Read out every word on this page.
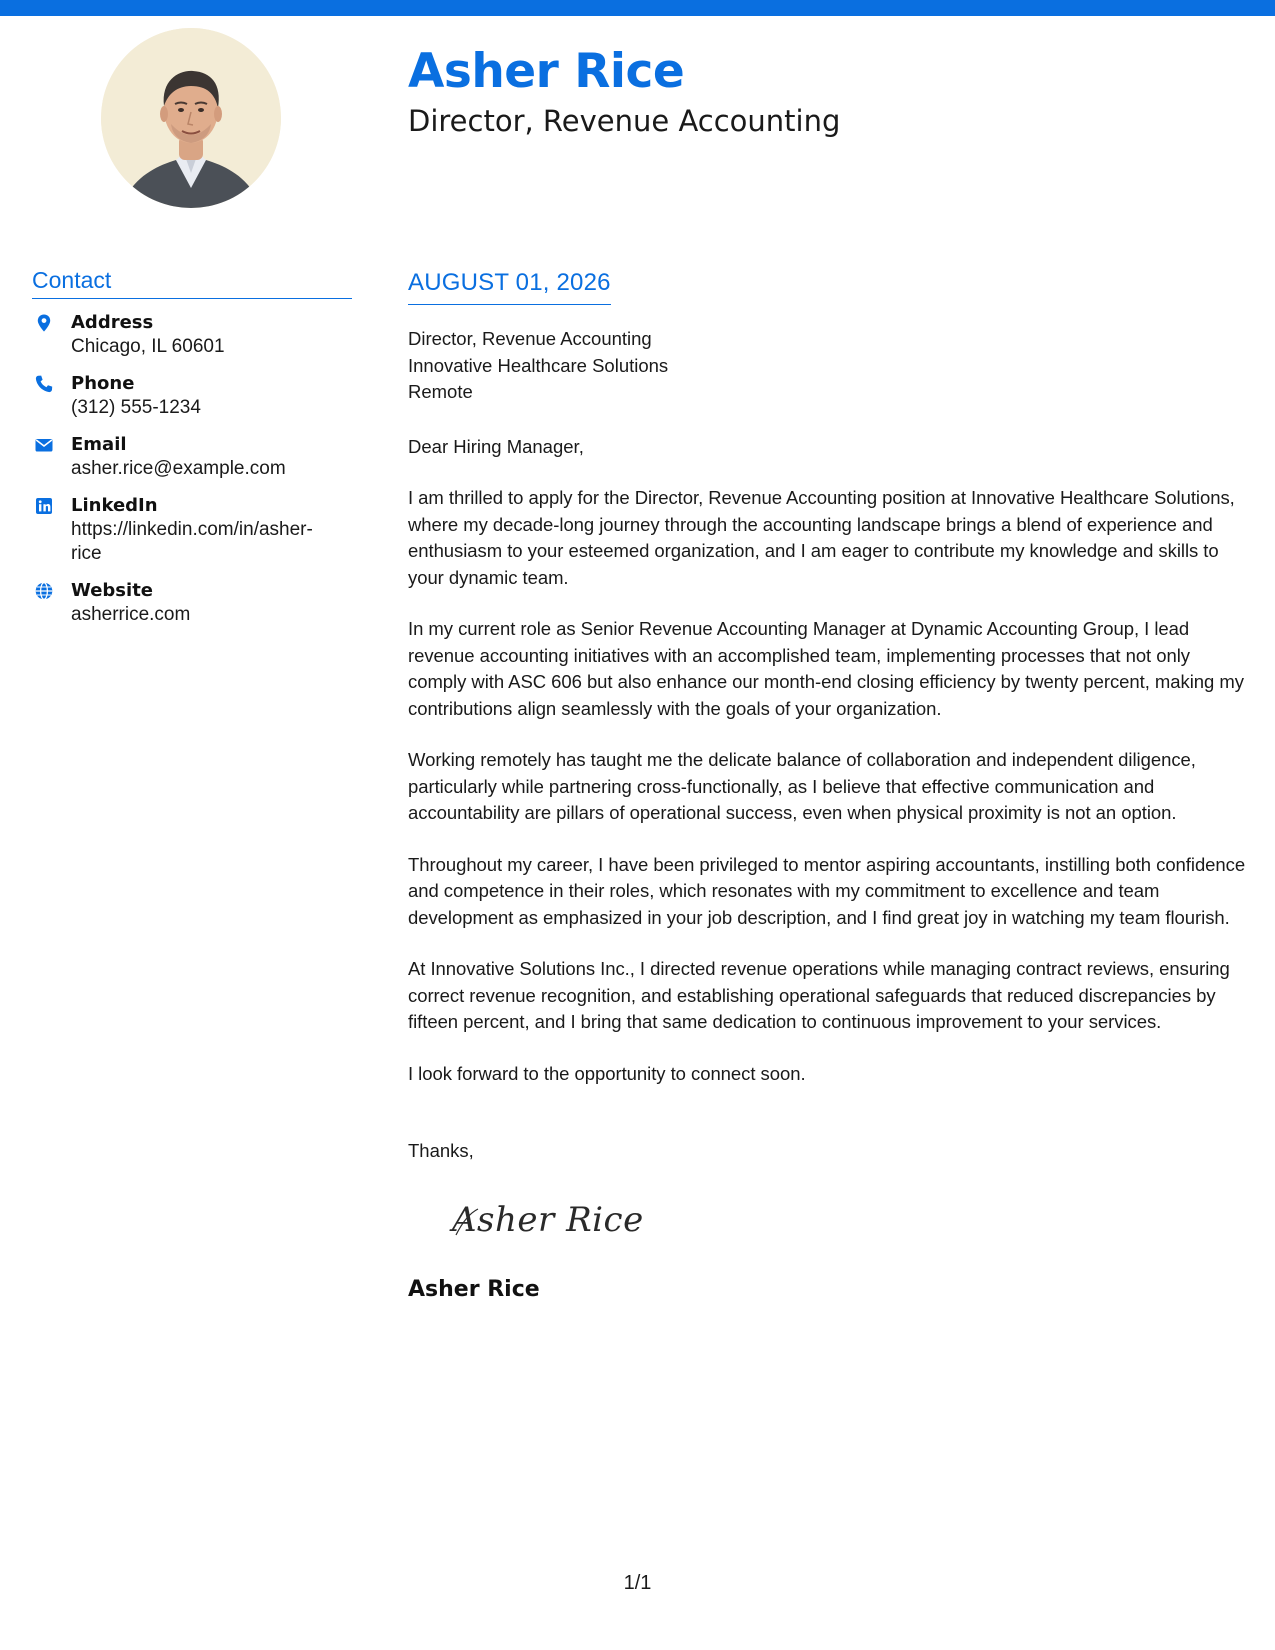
Asher Rice
Director, Revenue Accounting
Contact
Address
Chicago, IL 60601
Phone
(312) 555-1234
Email
asher.rice@example.com
LinkedIn
https://linkedin.com/in/asher-rice
Website
asherrice.com
AUGUST 01, 2026
Director, Revenue Accounting
Innovative Healthcare Solutions
Remote
Dear Hiring Manager,
I am thrilled to apply for the Director, Revenue Accounting position at Innovative Healthcare Solutions, where my decade-long journey through the accounting landscape brings a blend of experience and enthusiasm to your esteemed organization, and I am eager to contribute my knowledge and skills to your dynamic team.
In my current role as Senior Revenue Accounting Manager at Dynamic Accounting Group, I lead revenue accounting initiatives with an accomplished team, implementing processes that not only comply with ASC 606 but also enhance our month-end closing efficiency by twenty percent, making my contributions align seamlessly with the goals of your organization.
Working remotely has taught me the delicate balance of collaboration and independent diligence, particularly while partnering cross-functionally, as I believe that effective communication and accountability are pillars of operational success, even when physical proximity is not an option.
Throughout my career, I have been privileged to mentor aspiring accountants, instilling both confidence and competence in their roles, which resonates with my commitment to excellence and team development as emphasized in your job description, and I find great joy in watching my team flourish.
At Innovative Solutions Inc., I directed revenue operations while managing contract reviews, ensuring correct revenue recognition, and establishing operational safeguards that reduced discrepancies by fifteen percent, and I bring that same dedication to continuous improvement to your services.
I look forward to the opportunity to connect soon.
Thanks,
Asher Rice
Asher Rice
1/1
